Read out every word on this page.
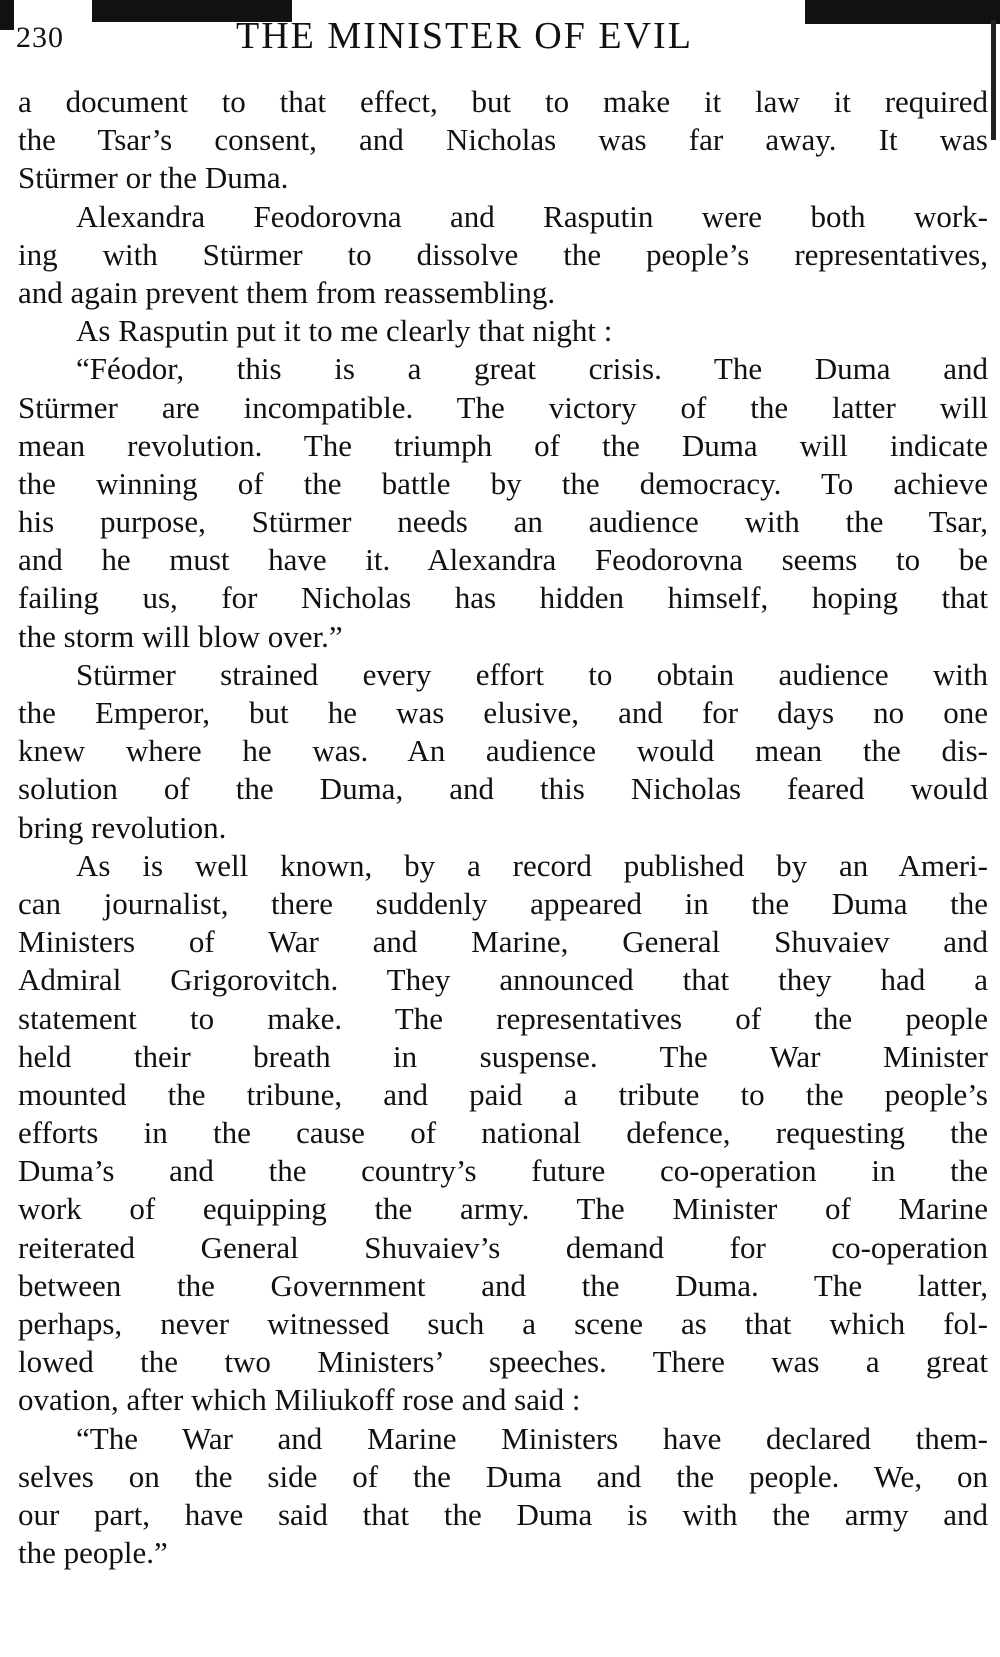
230	THE MINISTER OF EVIL
a document to that effect, but to make it law it required
the Tsar’s consent, and Nicholas was far away. It was
Stürmer or the Duma.
Alexandra Feodorovna and Rasputin were both work-
ing with Stürmer to dissolve the people’s representatives,
and again prevent them from reassembling.
As Rasputin put it to me clearly that night :
“Féodor, this is a great crisis. The Duma and
Stürmer are incompatible. The victory of the latter will
mean revolution. The triumph of the Duma will indicate
the winning of the battle by the democracy. To achieve
his purpose, Stürmer needs an audience with the Tsar,
and he must have it. Alexandra Feodorovna seems to be
failing us, for Nicholas has hidden himself, hoping that
the storm will blow over.”
Stürmer strained every effort to obtain audience with
the Emperor, but he was elusive, and for days no one
knew where he was. An audience would mean the dis-
solution of the Duma, and this Nicholas feared would
bring revolution.
As is well known, by a record published by an Ameri-
can journalist, there suddenly appeared in the Duma the
Ministers of War and Marine, General Shuvaiev and
Admiral Grigorovitch. They announced that they had a
statement to make. The representatives of the people
held their breath in suspense. The War Minister
mounted the tribune, and paid a tribute to the people’s
efforts in the cause of national defence, requesting the
Duma’s and the country’s future co-operation in the
work of equipping the army. The Minister of Marine
reiterated General Shuvaiev’s demand for co-operation
between the Government and the Duma. The latter,
perhaps, never witnessed such a scene as that which fol-
lowed the two Ministers’ speeches. There was a great
ovation, after which Miliukoff rose and said :
“The War and Marine Ministers have declared them-
selves on the side of the Duma and the people. We, on
our part, have said that the Duma is with the army and
the people.”
